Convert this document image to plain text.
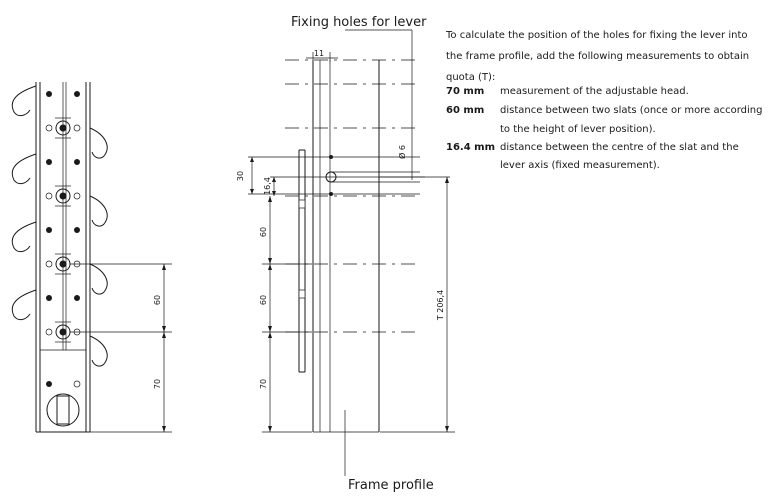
60
70
30
16,4
60
60
70
11
Ø 6
T 206,4
Fixing holes for lever
Frame profile
To calculate the position of the holes for fixing the lever into
the frame profile, add the following measurements to obtain
quota (T):
70 mm measurement of the adjustable head.
60 mm distance between two slats (once or more according
to the height of lever position).
16.4 mm distance between the centre of the slat and the
lever axis (fixed measurement).
